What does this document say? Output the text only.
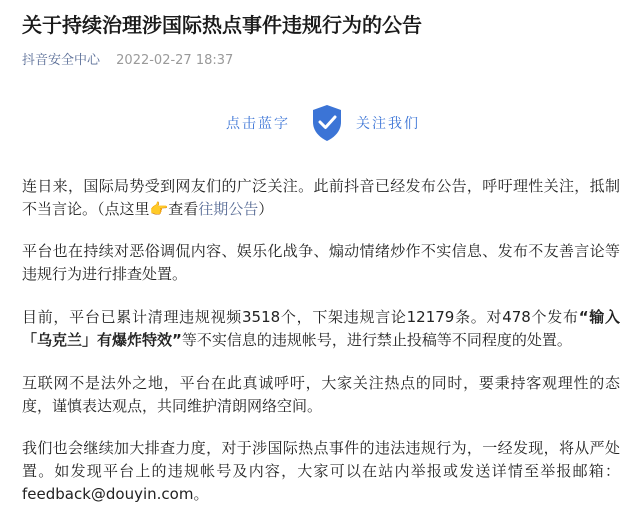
关于持续治理涉国际热点事件违规行为的公告
抖音安全中心 2022-02-27 18:37
点击蓝字	关注我们

连日来，国际局势受到网友们的广泛关注。此前抖音已经发布公告，呼吁理性关注，抵制不当言论。（点这里👉查看往期公告）

平台也在持续对恶俗调侃内容、娱乐化战争、煽动情绪炒作不实信息、发布不友善言论等违规行为进行排查处置。

目前，平台已累计清理违规视频3518个，下架违规言论12179条。对478个发布“输入「乌克兰」有爆炸特效”等不实信息的违规帐号，进行禁止投稿等不同程度的处置。

互联网不是法外之地，平台在此真诚呼吁，大家关注热点的同时，要秉持客观理性的态度，谨慎表达观点，共同维护清朗网络空间。

我们也会继续加大排查力度，对于涉国际热点事件的违法违规行为，一经发现，将从严处置。如发现平台上的违规帐号及内容，大家可以在站内举报或发送详情至举报邮箱：feedback@douyin.com。
